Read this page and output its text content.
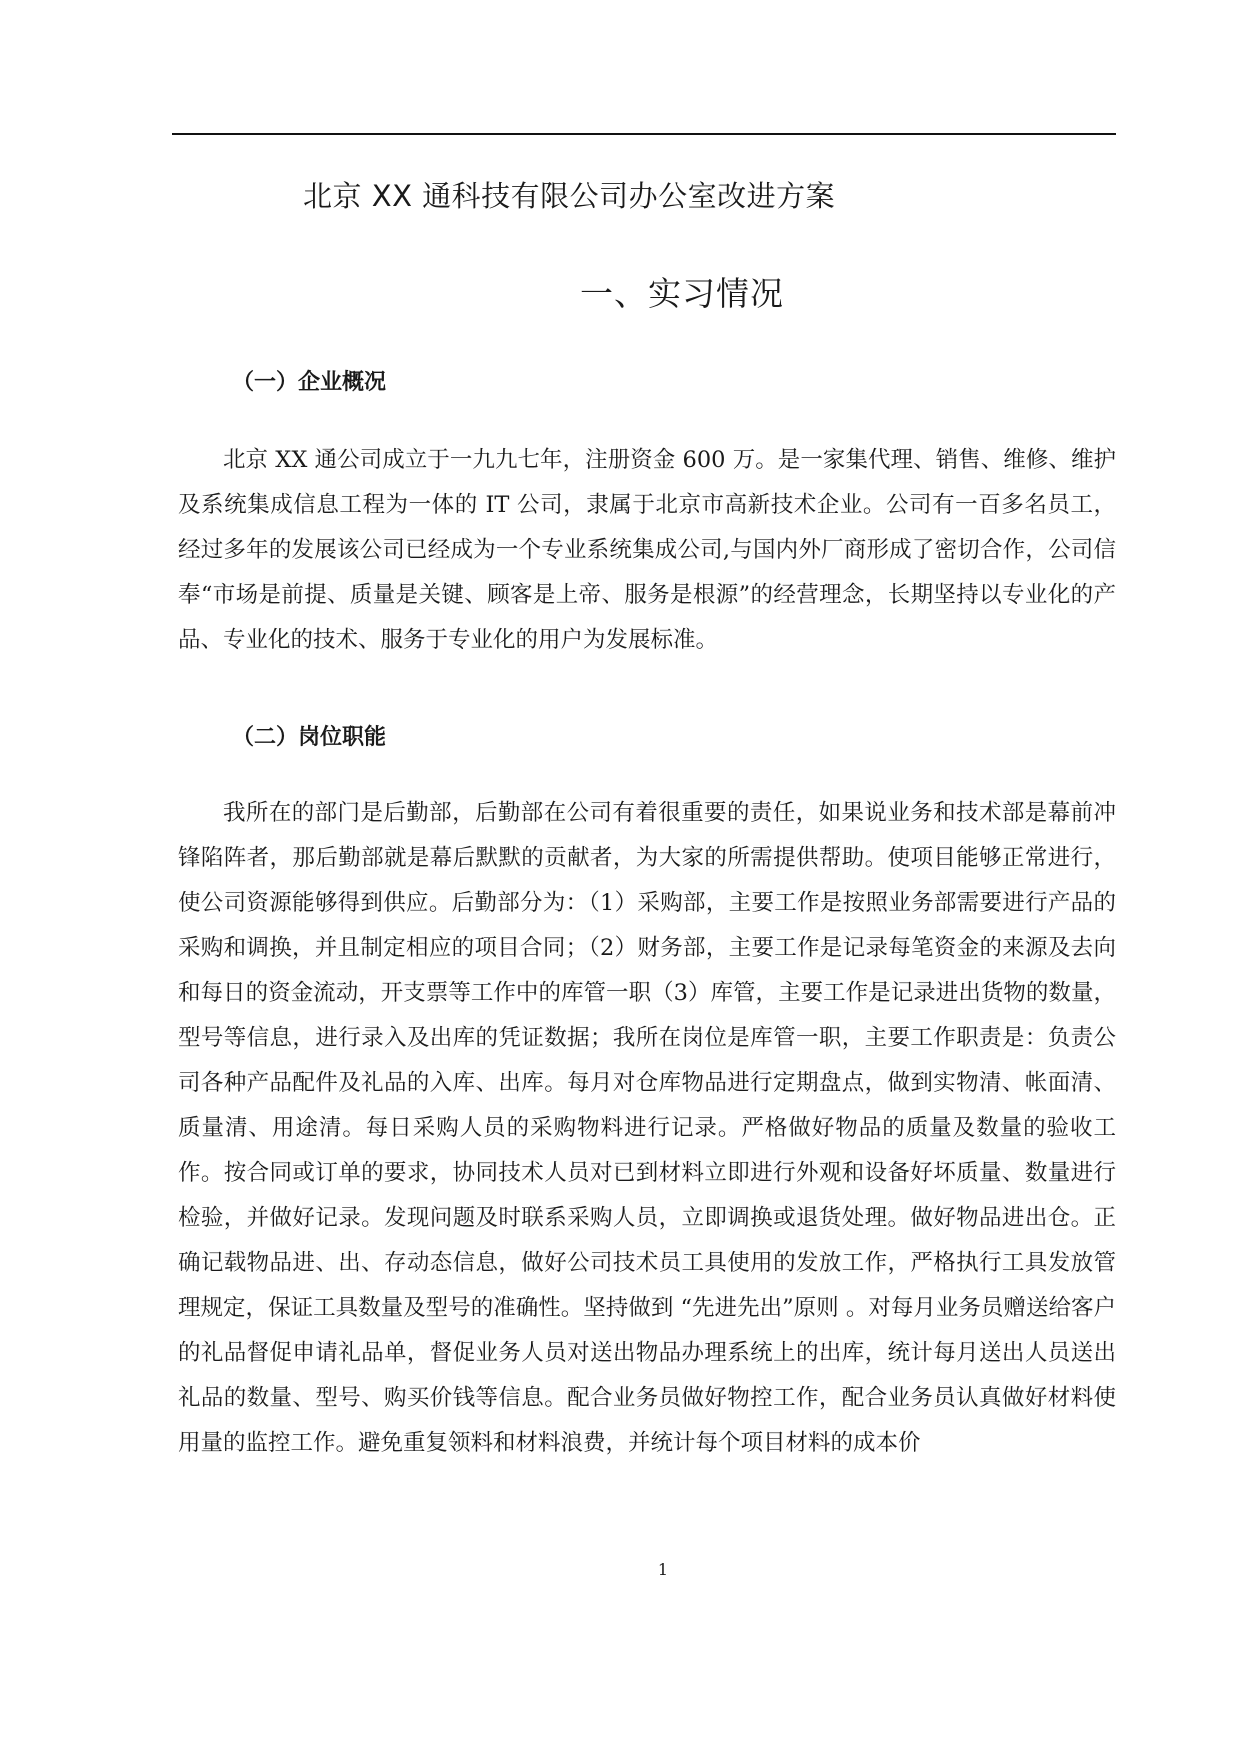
北京 XX 通科技有限公司办公室改进方案
一、实习情况
（一）企业概况

北京 XX 通公司成立于一九九七年，注册资金 600 万。是一家集代理、销售、维修、维护及系统集成信息工程为一体的 IT 公司，隶属于北京市高新技术企业。公司有一百多名员工，经过多年的发展该公司已经成为一个专业系统集成公司,与国内外厂商形成了密切合作，公司信奉“市场是前提、质量是关键、顾客是上帝、服务是根源”的经营理念，长期坚持以专业化的产品、专业化的技术、服务于专业化的用户为发展标准。

（二）岗位职能

我所在的部门是后勤部，后勤部在公司有着很重要的责任，如果说业务和技术部是幕前冲锋陷阵者，那后勤部就是幕后默默的贡献者，为大家的所需提供帮助。使项目能够正常进行，使公司资源能够得到供应。后勤部分为：（1）采购部，主要工作是按照业务部需要进行产品的采购和调换，并且制定相应的项目合同；（2）财务部，主要工作是记录每笔资金的来源及去向和每日的资金流动，开支票等工作中的库管一职（3）库管，主要工作是记录进出货物的数量，型号等信息，进行录入及出库的凭证数据；我所在岗位是库管一职，主要工作职责是：负责公司各种产品配件及礼品的入库、出库。每月对仓库物品进行定期盘点，做到实物清、帐面清、质量清、用途清。每日采购人员的采购物料进行记录。严格做好物品的质量及数量的验收工作。按合同或订单的要求，协同技术人员对已到材料立即进行外观和设备好坏质量、数量进行检验，并做好记录。发现问题及时联系采购人员，立即调换或退货处理。做好物品进出仓。正确记载物品进、出、存动态信息，做好公司技术员工具使用的发放工作，严格执行工具发放管理规定，保证工具数量及型号的准确性。坚持做到 “先进先出”原则 。对每月业务员赠送给客户的礼品督促申请礼品单，督促业务人员对送出物品办理系统上的出库，统计每月送出人员送出礼品的数量、型号、购买价钱等信息。配合业务员做好物控工作，配合业务员认真做好材料使用量的监控工作。避免重复领料和材料浪费，并统计每个项目材料的成本价

1
